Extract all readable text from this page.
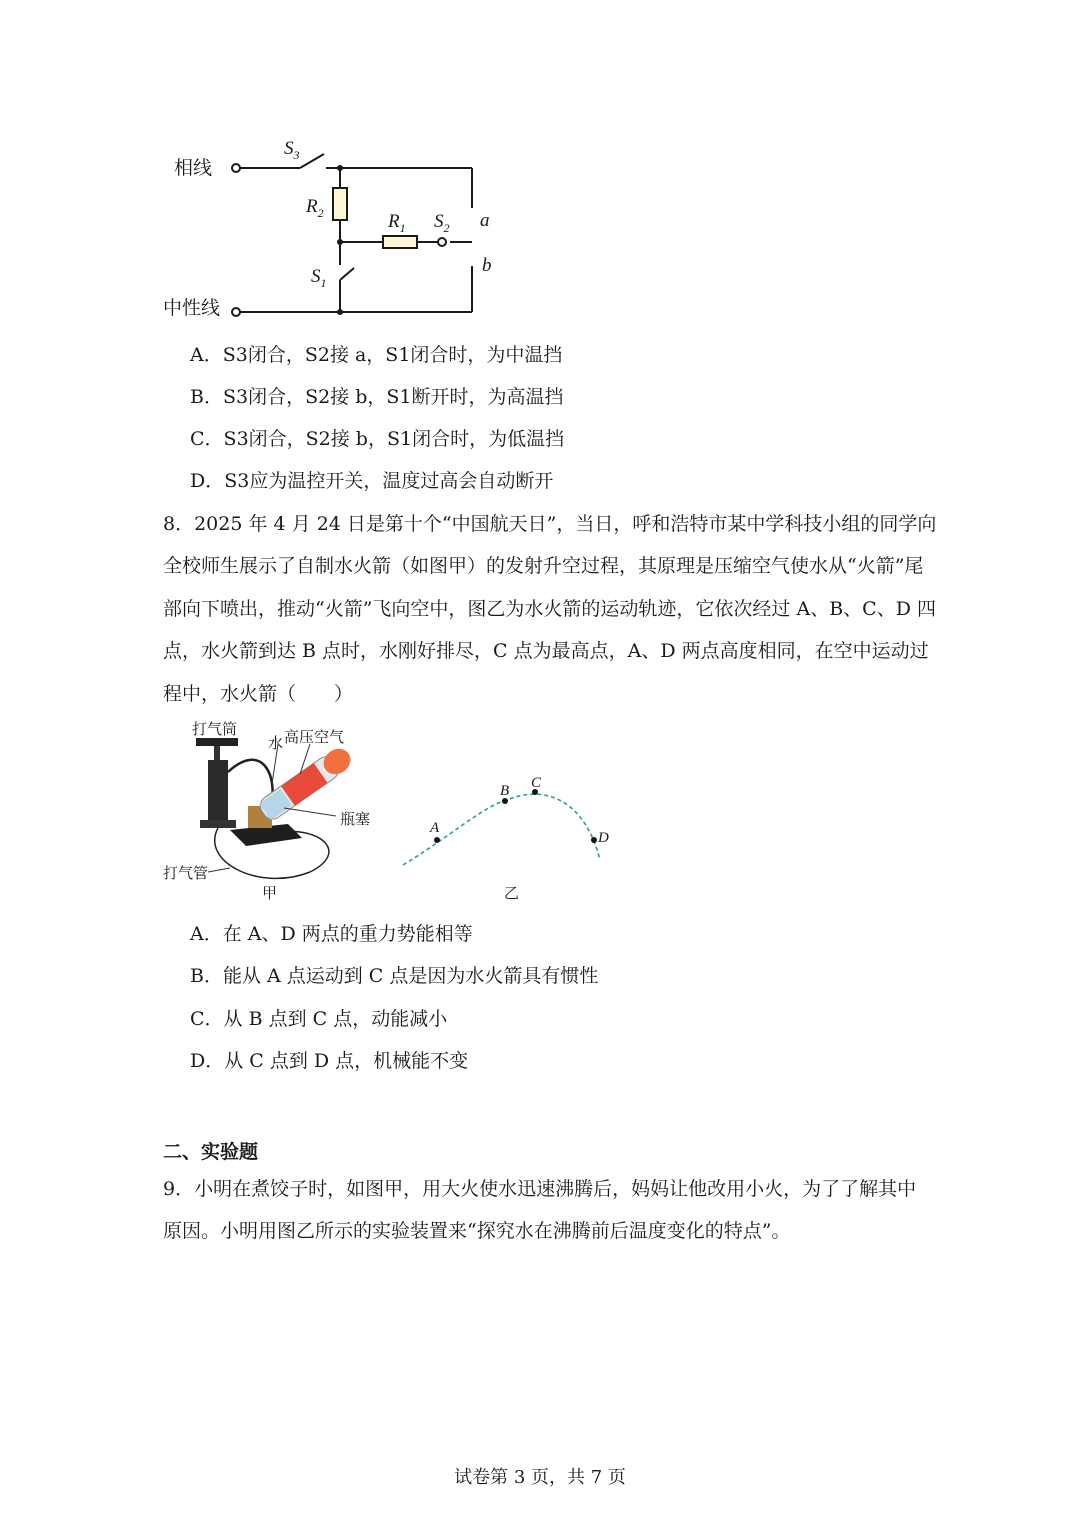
相线
中性线
$S_3$
$R_2$	$R_1$ $S_2$
$S_1$
a
b
A．S3闭合，S2接 a，S1闭合时，为中温挡
B．S3闭合，S2接 b，S1断开时，为高温挡
C．S3闭合，S2接 b，S1闭合时，为低温挡
D．S3应为温控开关，温度过高会自动断开
8．2025 年 4 月 24 日是第十个“中国航天日”，当日，呼和浩特市某中学科技小组的同学向
全校师生展示了自制水火箭（如图甲）的发射升空过程，其原理是压缩空气使水从“火箭”尾
部向下喷出，推动“火箭”飞向空中，图乙为水火箭的运动轨迹，它依次经过 A、B、C、D 四
点，水火箭到达 B 点时，水刚好排尽，C 点为最高点，A、D 两点高度相同，在空中运动过
程中，水火箭（　　）
打气筒
水 高压空气
瓶塞
打气管
甲
A
B C
D
乙
A．在 A、D 两点的重力势能相等
B．能从 A 点运动到 C 点是因为水火箭具有惯性
C．从 B 点到 C 点，动能减小
D．从 C 点到 D 点，机械能不变
二、实验题
9．小明在煮饺子时，如图甲，用大火使水迅速沸腾后，妈妈让他改用小火，为了了解其中
原因。小明用图乙所示的实验装置来“探究水在沸腾前后温度变化的特点”。
试卷第 3 页，共 7 页
